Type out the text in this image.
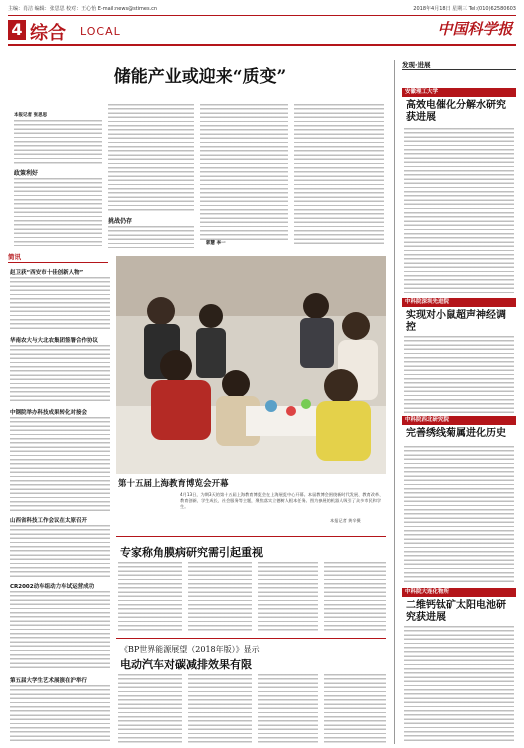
主编：肖洁 编辑：张思思 校对：王心怡 E-mail:news@stimes.cn	2018年4月18日 星期三 Tel:(010)62580603
4 综合 LOCAL	中国科学报
储能产业或迎来“质变”
本报记者 张思思
政策利好
挑战仍存
郭慧 李一
简讯
赵卫获“西安市十佳创新人物”
华南农大与大北农集团签署合作协议
中钢院举办科技成果转化对接会
山西省科技工作会议在太原召开
CR2002动车组动力车试运营成功
第五届大学生艺术展演在沪举行
第十五届上海教育博览会开幕
4月13日，为期3天的第十五届上海教育博览会在上海展览中心开幕。本届教博会围绕新时代发展、教育改革、教育创新、学生成长、社会服务等主题，聚焦落实立德树人根本任务。图为参展的机器人吸引了众多市民和学生。
本报记者 黄辛摄
专家称角膜病研究需引起重视
《BP世界能源展望（2018年版）》显示
电动汽车对碳减排效果有限
发现·进展
安徽理工大学
高效电催化分解水研究获进展
中科院深圳先进院
实现对小鼠超声神经调控
中科院西北研究院
完善绣线菊属进化历史
中科院大连化物所
二维钙钛矿太阳电池研究获进展
